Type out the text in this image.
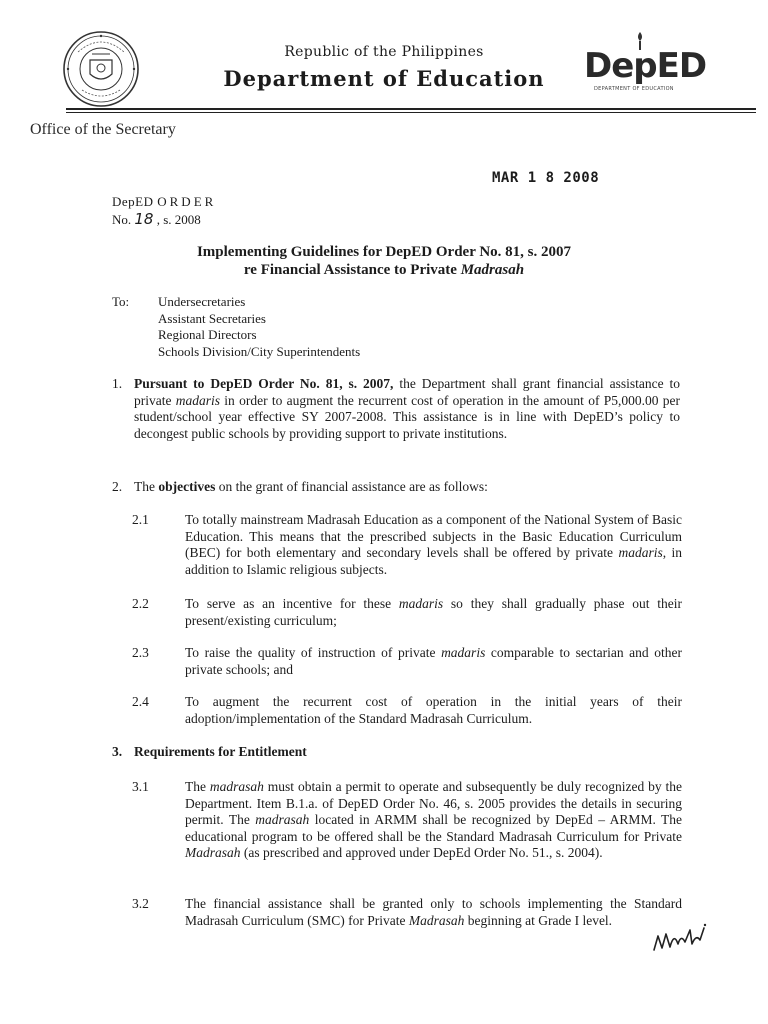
Republic of the Philippines
Department of Education	DepED
DEPARTMENT OF EDUCATION
Office of the Secretary
MAR 1 8 2008
DepED ORDER
No. 18 , s. 2008
Implementing Guidelines for DepED Order No. 81, s. 2007
re Financial Assistance to Private Madrasah
To: Undersecretaries
Assistant Secretaries
Regional Directors
Schools Division/City Superintendents
1. Pursuant to DepED Order No. 81, s. 2007, the Department shall grant financial assistance to private madaris in order to augment the recurrent cost of operation in the amount of P5,000.00 per student/school year effective SY 2007-2008. This assistance is in line with DepED’s policy to decongest public schools by providing support to private institutions.
2. The objectives on the grant of financial assistance are as follows:
2.1	To totally mainstream Madrasah Education as a component of the National System of Basic Education. This means that the prescribed subjects in the Basic Education Curriculum (BEC) for both elementary and secondary levels shall be offered by private madaris, in addition to Islamic religious subjects.
2.2	To serve as an incentive for these madaris so they shall gradually phase out their present/existing curriculum;
2.3	To raise the quality of instruction of private madaris comparable to sectarian and other private schools; and
2.4	To augment the recurrent cost of operation in the initial years of their adoption/implementation of the Standard Madrasah Curriculum.
3. Requirements for Entitlement
3.1	The madrasah must obtain a permit to operate and subsequently be duly recognized by the Department. Item B.1.a. of DepED Order No. 46, s. 2005 provides the details in securing permit. The madrasah located in ARMM shall be recognized by DepEd – ARMM. The educational program to be offered shall be the Standard Madrasah Curriculum for Private Madrasah (as prescribed and approved under DepEd Order No. 51., s. 2004).
3.2	The financial assistance shall be granted only to schools implementing the Standard Madrasah Curriculum (SMC) for Private Madrasah beginning at Grade I level.
